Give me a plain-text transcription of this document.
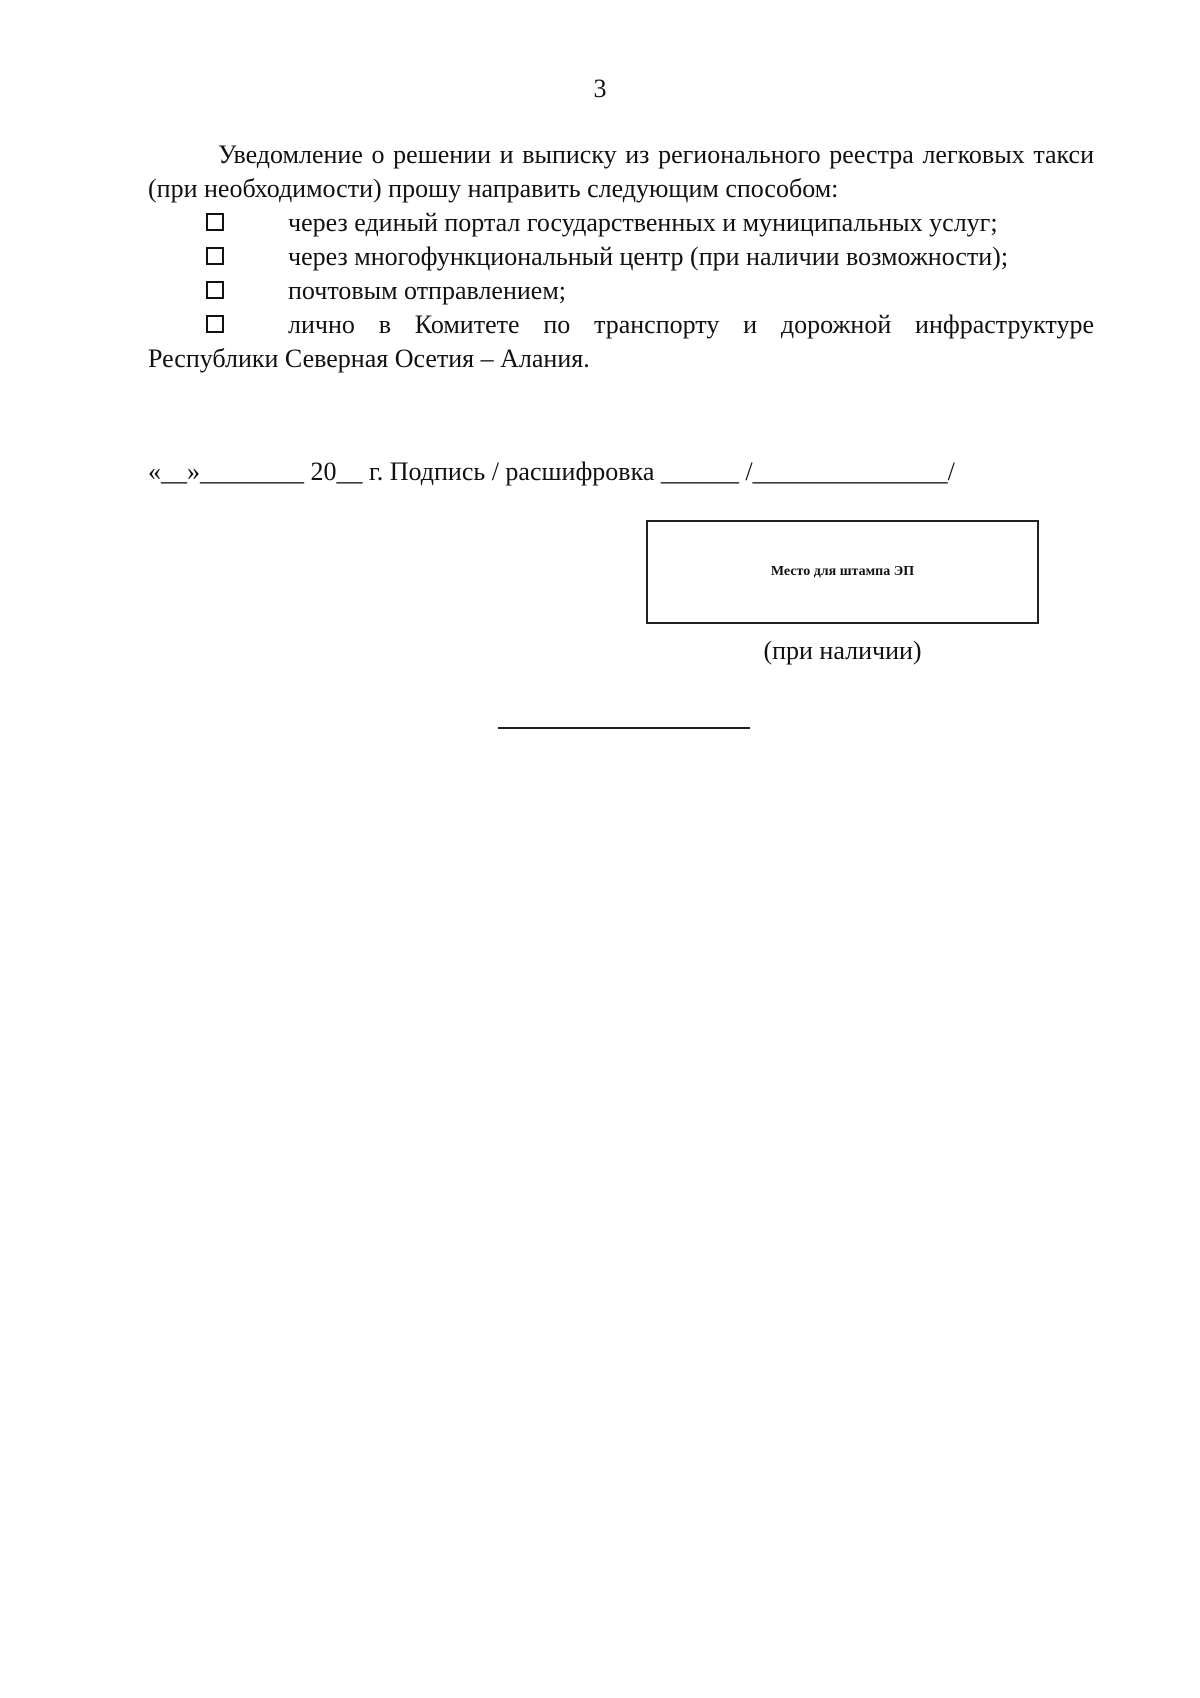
3

Уведомление о решении и выписку из регионального реестра легковых такси (при необходимости) прошу направить следующим способом:

через единый портал государственных и муниципальных услуг;
через многофункциональный центр (при наличии возможности);
почтовым отправлением;
лично в Комитете по транспорту и дорожной инфраструктуре

Республики Северная Осетия – Алания.

«__»________ 20__ г. Подпись / расшифровка ______ /_______________/
Место для штампа ЭП
(при наличии)
